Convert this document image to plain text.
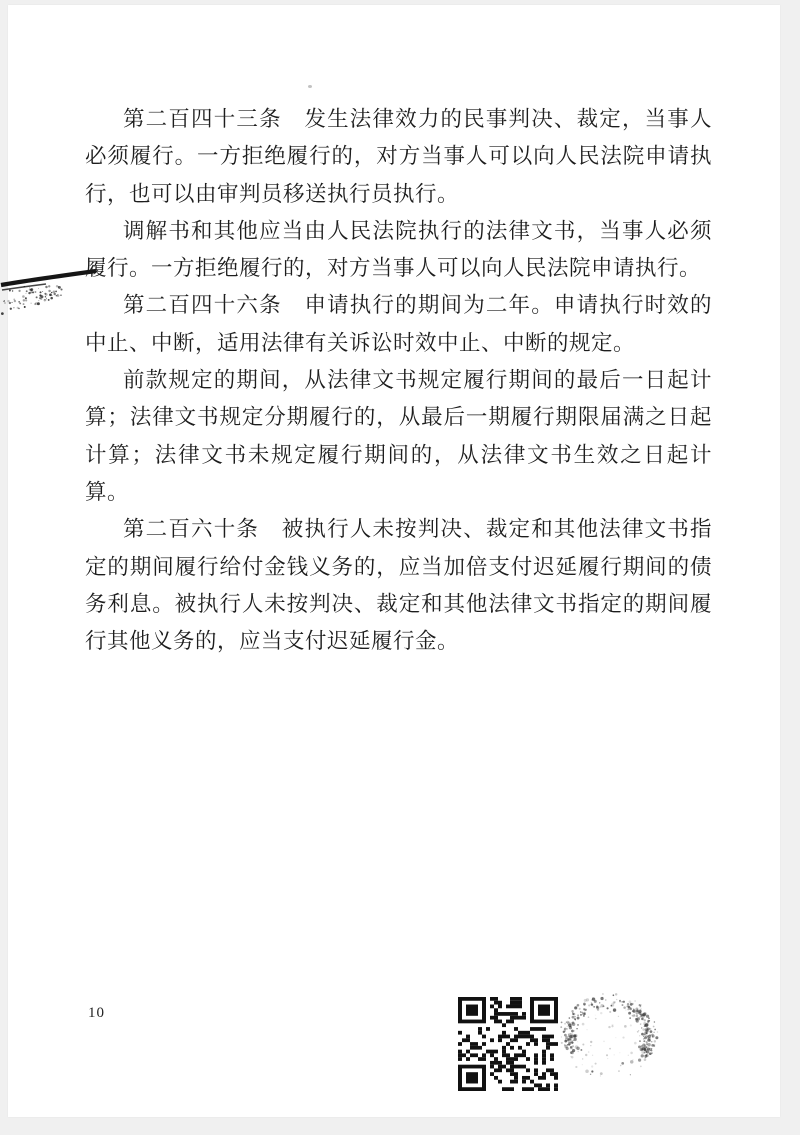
第二百四十三条　发生法律效力的民事判决、裁定，当事人必须履行。一方拒绝履行的，对方当事人可以向人民法院申请执行，也可以由审判员移送执行员执行。

调解书和其他应当由人民法院执行的法律文书，当事人必须履行。一方拒绝履行的，对方当事人可以向人民法院申请执行。

第二百四十六条　申请执行的期间为二年。申请执行时效的中止、中断，适用法律有关诉讼时效中止、中断的规定。

前款规定的期间，从法律文书规定履行期间的最后一日起计算；法律文书规定分期履行的，从最后一期履行期限届满之日起计算；法律文书未规定履行期间的，从法律文书生效之日起计算。

第二百六十条　被执行人未按判决、裁定和其他法律文书指定的期间履行给付金钱义务的，应当加倍支付迟延履行期间的债务利息。被执行人未按判决、裁定和其他法律文书指定的期间履行其他义务的，应当支付迟延履行金。

10
